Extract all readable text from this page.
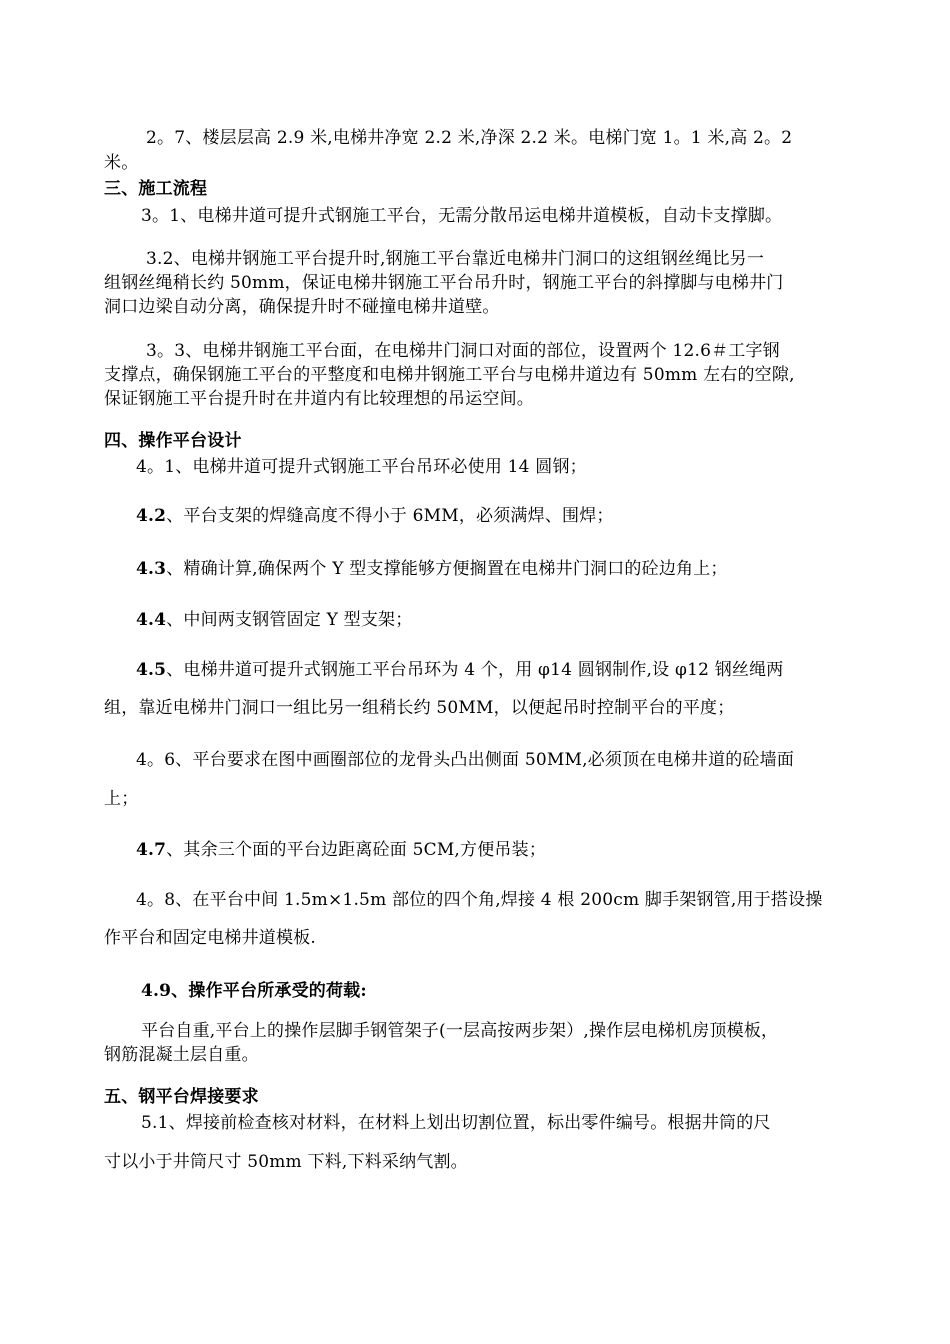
2。7、楼层层高 2.9 米,电梯井净宽 2.2 米,净深 2.2 米。电梯门宽 1。1 米,高 2。2
米。
三、施工流程
3。1、电梯井道可提升式钢施工平台，无需分散吊运电梯井道模板，自动卡支撑脚。
3.2、电梯井钢施工平台提升时,钢施工平台靠近电梯井门洞口的这组钢丝绳比另一
组钢丝绳稍长约 50mm，保证电梯井钢施工平台吊升时，钢施工平台的斜撑脚与电梯井门
洞口边梁自动分离，确保提升时不碰撞电梯井道壁。
3。3、电梯井钢施工平台面，在电梯井门洞口对面的部位，设置两个 12.6＃工字钢
支撑点，确保钢施工平台的平整度和电梯井钢施工平台与电梯井道边有 50mm 左右的空隙,
保证钢施工平台提升时在井道内有比较理想的吊运空间。
四、操作平台设计
4。1、电梯井道可提升式钢施工平台吊环必使用 14 圆钢；
4.2、平台支架的焊缝高度不得小于 6MM，必须满焊、围焊；
4.3、精确计算,确保两个 Y 型支撑能够方便搁置在电梯井门洞口的砼边角上；
4.4、中间两支钢管固定 Y 型支架；
4.5、电梯井道可提升式钢施工平台吊环为 4 个，用 φ14 圆钢制作,设 φ12 钢丝绳两
组，靠近电梯井门洞口一组比另一组稍长约 50MM，以便起吊时控制平台的平度；
4。6、平台要求在图中画圈部位的龙骨头凸出侧面 50MM,必须顶在电梯井道的砼墙面
上；
4.7、其余三个面的平台边距离砼面 5CM,方便吊装；
4。8、在平台中间 1.5m×1.5m 部位的四个角,焊接 4 根 200cm 脚手架钢管,用于搭设操
作平台和固定电梯井道模板.
4.9、操作平台所承受的荷载:
平台自重,平台上的操作层脚手钢管架子(一层高按两步架）,操作层电梯机房顶模板，
钢筋混凝土层自重。
五、钢平台焊接要求
5.1、焊接前检查核对材料，在材料上划出切割位置，标出零件编号。根据井筒的尺
寸以小于井筒尺寸 50mm 下料,下料采纳气割。
